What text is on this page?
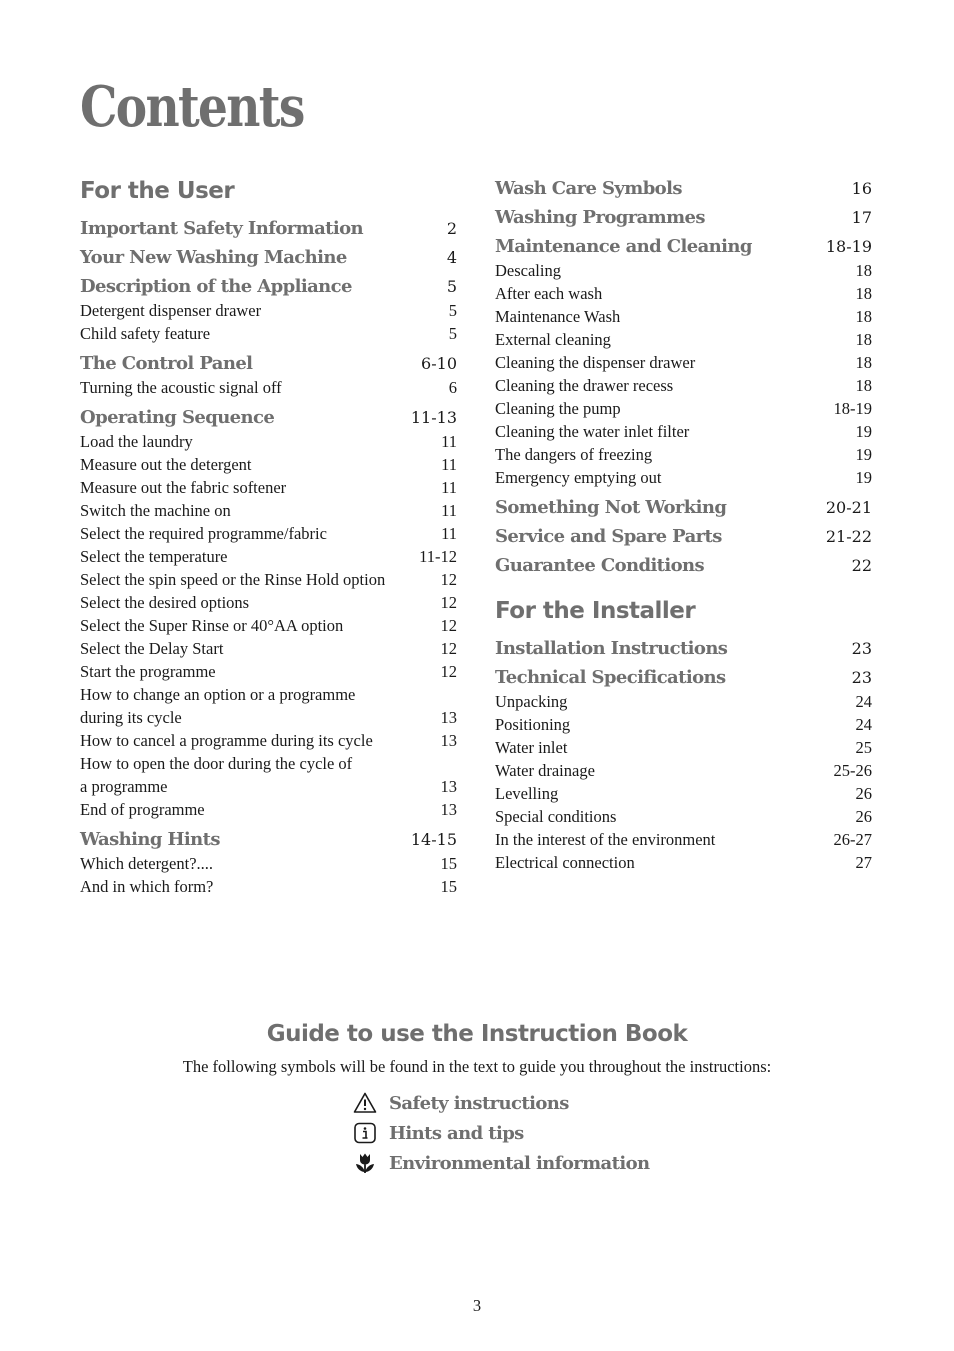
Contents
For the User
Important Safety Information	2
Your New Washing Machine	4
Description of the Appliance	5
Detergent dispenser drawer	5
Child safety feature	5
The Control Panel	6-10
Turning the acoustic signal off	6
Operating Sequence	11-13
Load the laundry	11
Measure out the detergent	11
Measure out the fabric softener	11
Switch the machine on	11
Select the required programme/fabric	11
Select the temperature	11-12
Select the spin speed or the Rinse Hold option	12
Select the desired options	12
Select the Super Rinse or 40°AA option	12
Select the Delay Start	12
Start the programme	12
How to change an option or a programme
during its cycle	13
How to cancel a programme during its cycle	13
How to open the door during the cycle of
a programme	13
End of programme	13
Washing Hints	14-15
Which detergent?....	15
And in which form?	15
Wash Care Symbols	16
Washing Programmes	17
Maintenance and Cleaning	18-19
Descaling	18
After each wash	18
Maintenance Wash	18
External cleaning	18
Cleaning the dispenser drawer	18
Cleaning the drawer recess	18
Cleaning the pump	18-19
Cleaning the water inlet filter	19
The dangers of freezing	19
Emergency emptying out	19
Something Not Working	20-21
Service and Spare Parts	21-22
Guarantee Conditions	22
For the Installer
Installation Instructions	23
Technical Specifications	23
Unpacking	24
Positioning	24
Water inlet	25
Water drainage	25-26
Levelling	26
Special conditions	26
In the interest of the environment	26-27
Electrical connection	27
Guide to use the Instruction Book

The following symbols will be found in the text to guide you throughout the instructions:

Safety instructions
Hints and tips
Environmental information
3
